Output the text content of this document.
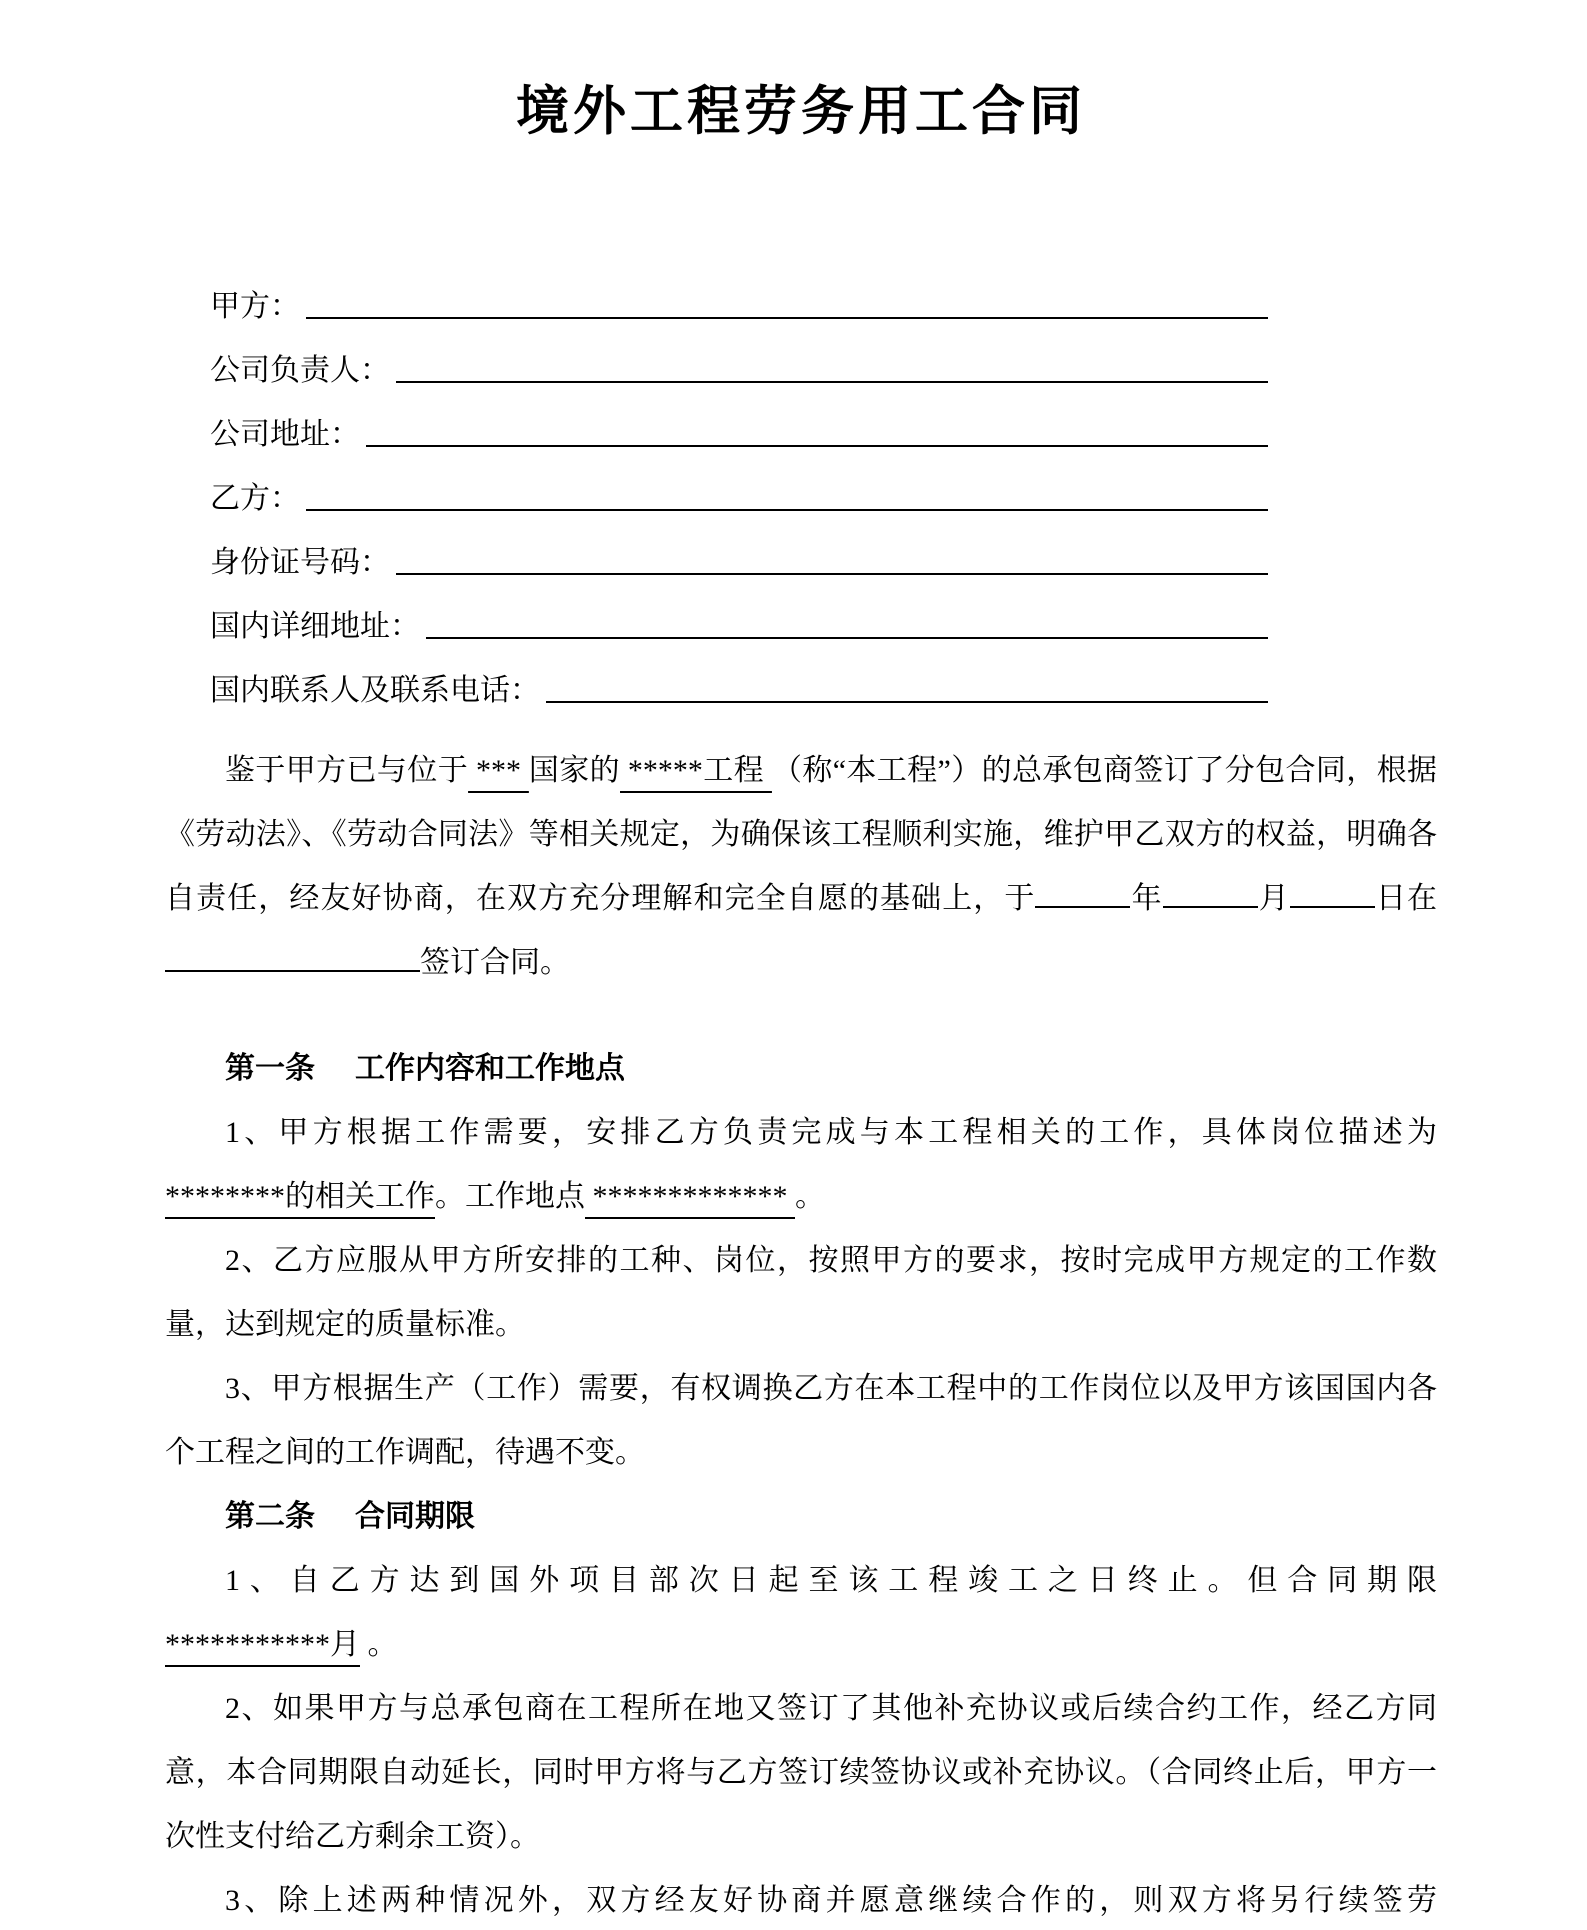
境外工程劳务用工合同
甲方：
公司负责人：
公司地址：
乙方：
身份证号码：
国内详细地址：
国内联系人及联系电话：

鉴于甲方已与位于 *** 国家的 *****工程 （称“本工程”）的总承包商签订了分包合同，根据《劳动法》、《劳动合同法》等相关规定，为确保该工程顺利实施，维护甲乙双方的权益，明确各自责任，经友好协商，在双方充分理解和完全自愿的基础上，于	年	月	日在签订合同。

第一条 工作内容和工作地点

1、甲方根据工作需要，安排乙方负责完成与本工程相关的工作，具体岗位描述为
********的相关工作。工作地点 ************* 。

2、乙方应服从甲方所安排的工种、岗位，按照甲方的要求，按时完成甲方规定的工作数量，达到规定的质量标准。

3、甲方根据生产（工作）需要，有权调换乙方在本工程中的工作岗位以及甲方该国国内各个工程之间的工作调配，待遇不变。

第二条 合同期限

1、自乙方达到国外项目部次日起至该工程竣工之日终止。但合同期限
***********月 。

2、如果甲方与总承包商在工程所在地又签订了其他补充协议或后续合约工作，经乙方同意，本合同期限自动延长，同时甲方将与乙方签订续签协议或补充协议。（合同终止后，甲方一次性支付给乙方剩余工资）。

3、除上述两种情况外，双方经友好协商并愿意继续合作的，则双方将另行续签劳
